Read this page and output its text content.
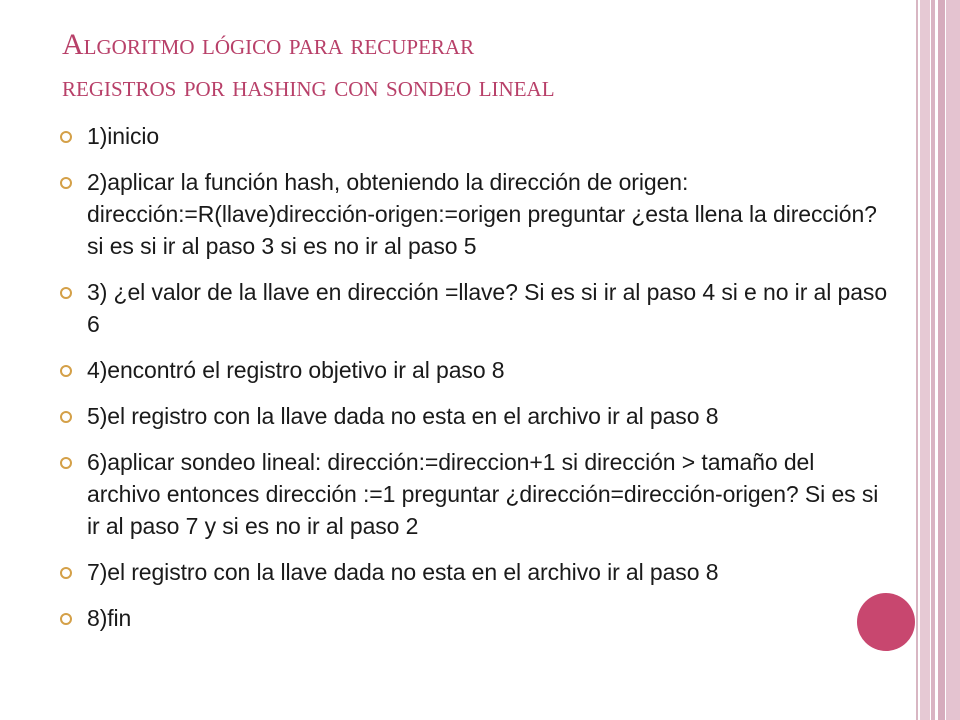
Algoritmo lógico para recuperar
registros por hashing con sondeo lineal
1)inicio
2)aplicar la función hash, obteniendo la dirección de origen: dirección:=R(llave)dirección-origen:=origen preguntar ¿esta llena la dirección? si es si ir al paso 3 si es no ir al paso 5
3) ¿el valor de la llave en dirección =llave? Si es si ir al paso 4 si e no ir al paso 6
4)encontró el registro objetivo ir al paso 8
5)el registro con la llave dada no esta en el archivo ir al paso 8
6)aplicar sondeo lineal: dirección:=direccion+1 si dirección > tamaño del archivo entonces dirección :=1 preguntar ¿dirección=dirección-origen? Si es si ir al paso 7 y si es no ir al paso 2
7)el registro con la llave dada no esta en el archivo ir al paso 8
8)fin
